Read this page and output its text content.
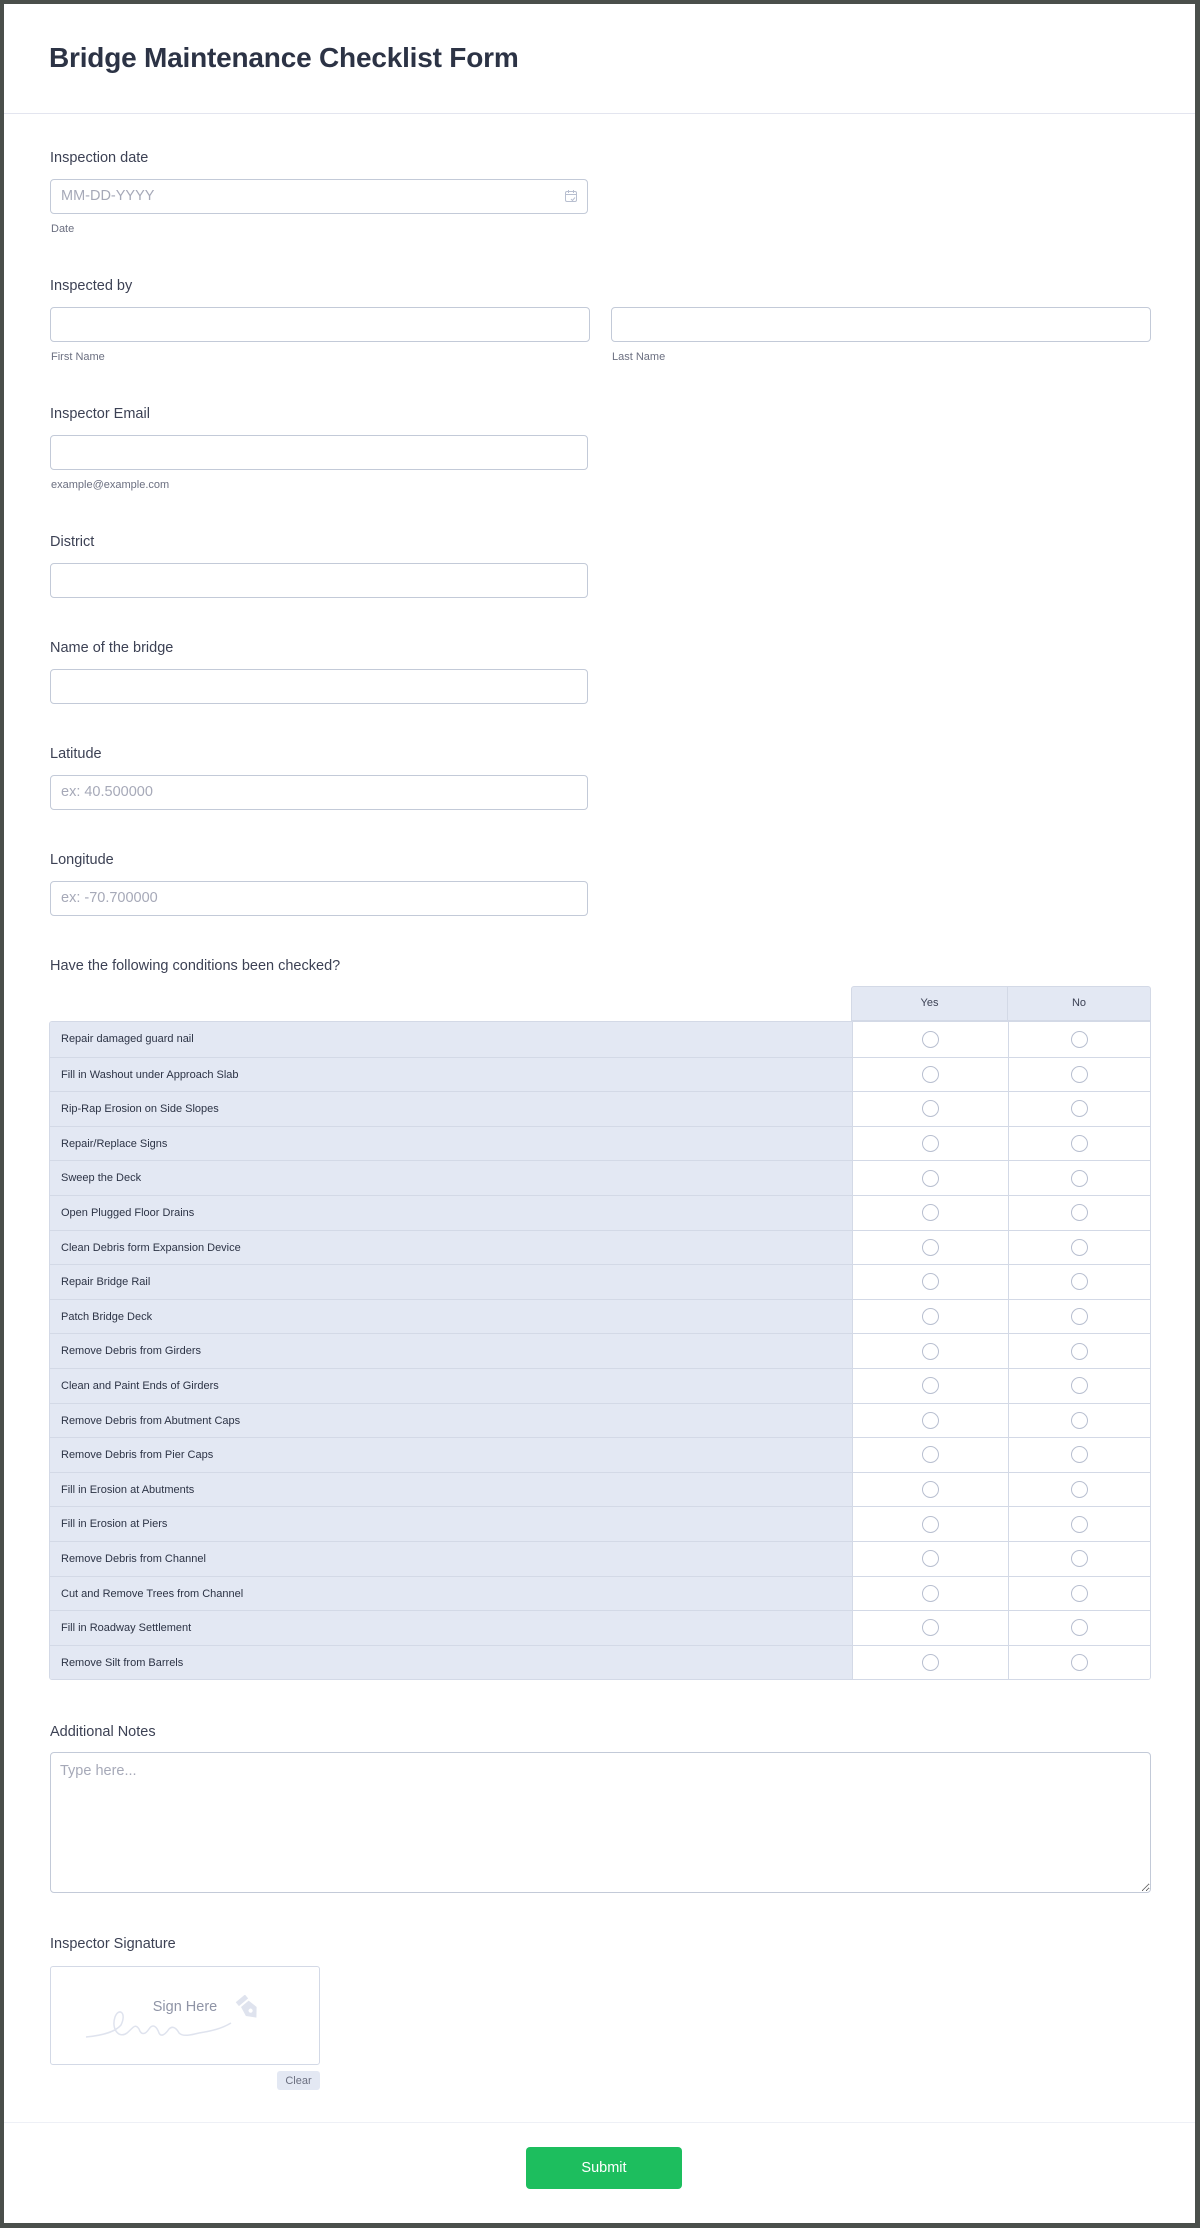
Bridge Maintenance Checklist Form
Inspection date
MM-DD-YYYY
Date
Inspected by
First Name	Last Name
Inspector Email
example@example.com
District
Name of the bridge
Latitude
ex: 40.500000
Longitude
ex: -70.700000
Have the following conditions been checked?
Yes	No
Repair damaged guard nail
Fill in Washout under Approach Slab
Rip-Rap Erosion on Side Slopes
Repair/Replace Signs
Sweep the Deck
Open Plugged Floor Drains
Clean Debris form Expansion Device
Repair Bridge Rail
Patch Bridge Deck
Remove Debris from Girders
Clean and Paint Ends of Girders
Remove Debris from Abutment Caps
Remove Debris from Pier Caps
Fill in Erosion at Abutments
Fill in Erosion at Piers
Remove Debris from Channel
Cut and Remove Trees from Channel
Fill in Roadway Settlement
Remove Silt from Barrels
Additional Notes
Type here...
Inspector Signature
Sign Here
Clear
Submit
